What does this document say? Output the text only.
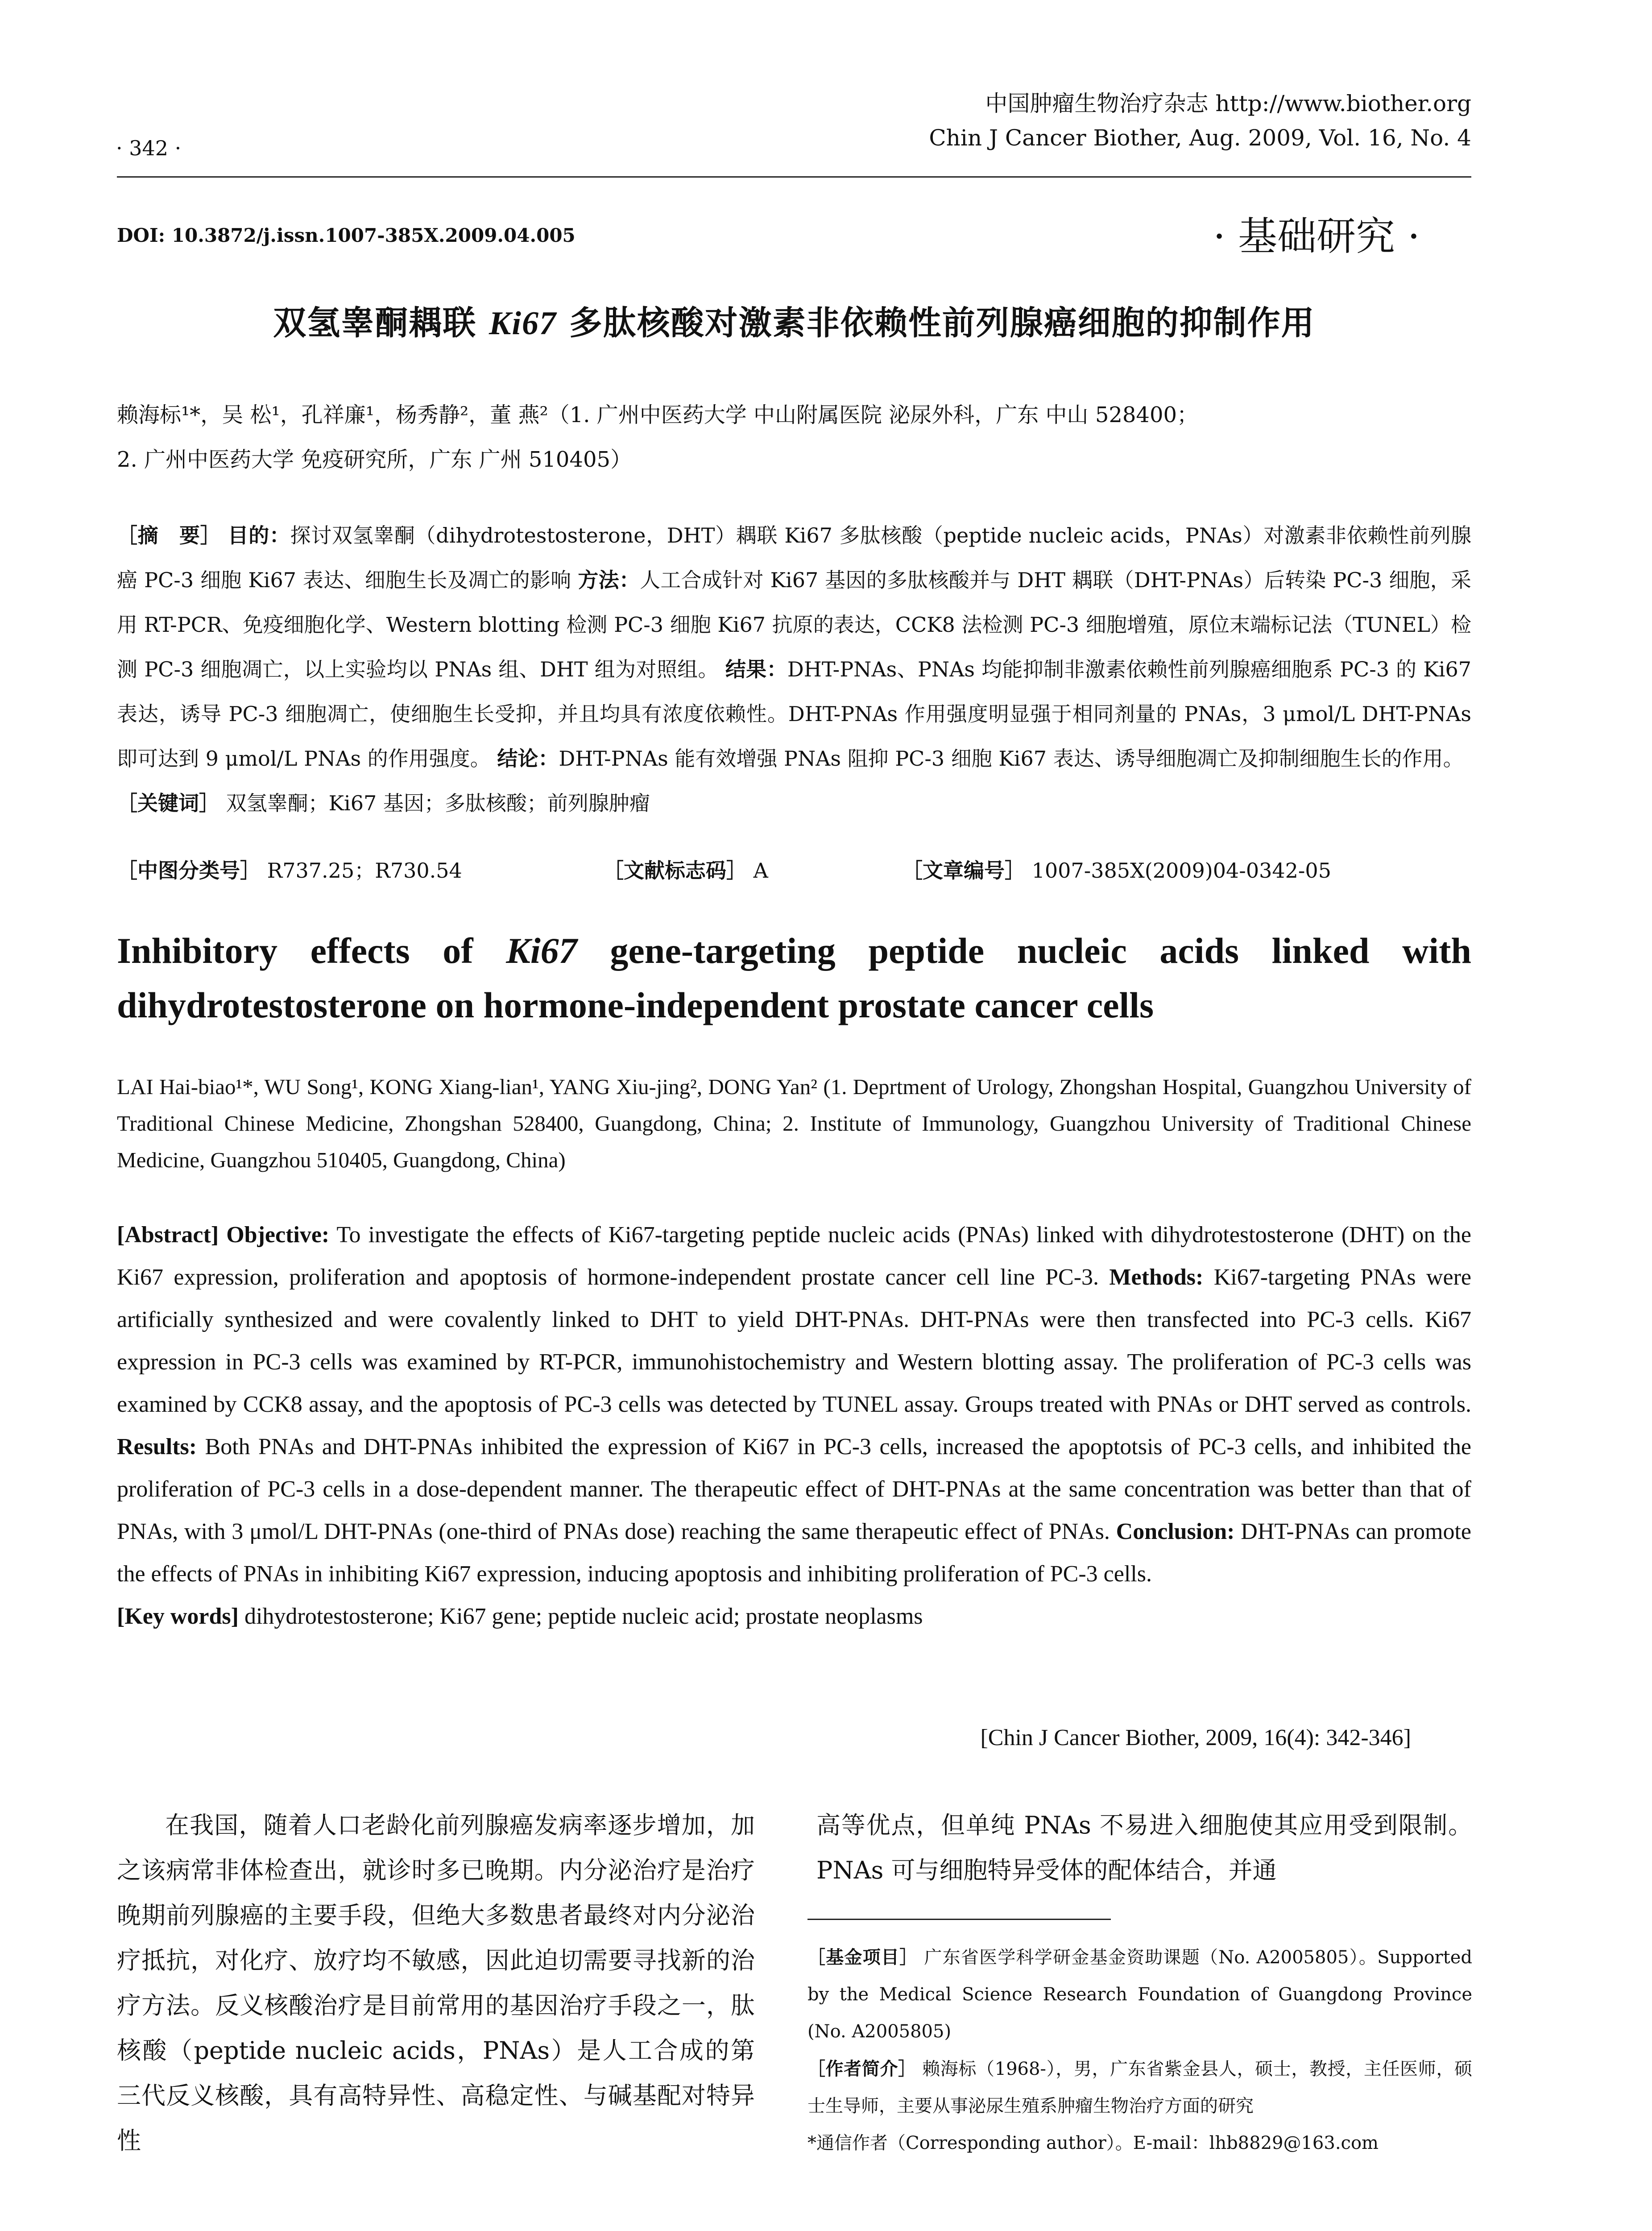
· 342 ·
中国肿瘤生物治疗杂志 http://www.biother.org
Chin J Cancer Biother, Aug. 2009, Vol. 16, No. 4
DOI: 10.3872/j.issn.1007-385X.2009.04.005	· 基础研究 ·
双氢睾酮耦联 Ki67 多肽核酸对激素非依赖性前列腺癌细胞的抑制作用
赖海标¹*，吴 松¹，孔祥廉¹，杨秀静²，董 燕²（1. 广州中医药大学 中山附属医院 泌尿外科，广东 中山 528400；
2. 广州中医药大学 免疫研究所，广东 广州 510405）
［摘　要］ 目的：探讨双氢睾酮（dihydrotestosterone，DHT）耦联 Ki67 多肽核酸（peptide nucleic acids，PNAs）对激素非依赖性前列腺癌 PC-3 细胞 Ki67 表达、细胞生长及凋亡的影响 方法：人工合成针对 Ki67 基因的多肽核酸并与 DHT 耦联（DHT-PNAs）后转染 PC-3 细胞，采用 RT-PCR、免疫细胞化学、Western blotting 检测 PC-3 细胞 Ki67 抗原的表达，CCK8 法检测 PC-3 细胞增殖，原位末端标记法（TUNEL）检测 PC-3 细胞凋亡，以上实验均以 PNAs 组、DHT 组为对照组。 结果：DHT-PNAs、PNAs 均能抑制非激素依赖性前列腺癌细胞系 PC-3 的 Ki67 表达，诱导 PC-3 细胞凋亡，使细胞生长受抑，并且均具有浓度依赖性。DHT-PNAs 作用强度明显强于相同剂量的 PNAs，3 μmol/L DHT-PNAs 即可达到 9 μmol/L PNAs 的作用强度。 结论：DHT-PNAs 能有效增强 PNAs 阻抑 PC-3 细胞 Ki67 表达、诱导细胞凋亡及抑制细胞生长的作用。
［关键词］ 双氢睾酮；Ki67 基因；多肽核酸；前列腺肿瘤
［中图分类号］ R737.25；R730.54	［文献标志码］ A	［文章编号］ 1007-385X(2009)04-0342-05
Inhibitory effects of Ki67 gene-targeting peptide nucleic acids linked with dihydrotestosterone on hormone-independent prostate cancer cells
LAI Hai-biao¹*, WU Song¹, KONG Xiang-lian¹, YANG Xiu-jing², DONG Yan² (1. Deprtment of Urology, Zhongshan Hospital, Guangzhou University of Traditional Chinese Medicine, Zhongshan 528400, Guangdong, China; 2. Institute of Immunology, Guangzhou University of Traditional Chinese Medicine, Guangzhou 510405, Guangdong, China)
[Abstract] Objective: To investigate the effects of Ki67-targeting peptide nucleic acids (PNAs) linked with dihydrotestosterone (DHT) on the Ki67 expression, proliferation and apoptosis of hormone-independent prostate cancer cell line PC-3. Methods: Ki67-targeting PNAs were artificially synthesized and were covalently linked to DHT to yield DHT-PNAs. DHT-PNAs were then transfected into PC-3 cells. Ki67 expression in PC-3 cells was examined by RT-PCR, immunohistochemistry and Western blotting assay. The proliferation of PC-3 cells was examined by CCK8 assay, and the apoptosis of PC-3 cells was detected by TUNEL assay. Groups treated with PNAs or DHT served as controls. Results: Both PNAs and DHT-PNAs inhibited the expression of Ki67 in PC-3 cells, increased the apoptotsis of PC-3 cells, and inhibited the proliferation of PC-3 cells in a dose-dependent manner. The therapeutic effect of DHT-PNAs at the same concentration was better than that of PNAs, with 3 μmol/L DHT-PNAs (one-third of PNAs dose) reaching the same therapeutic effect of PNAs. Conclusion: DHT-PNAs can promote the effects of PNAs in inhibiting Ki67 expression, inducing apoptosis and inhibiting proliferation of PC-3 cells.
[Key words] dihydrotestosterone; Ki67 gene; peptide nucleic acid; prostate neoplasms
[Chin J Cancer Biother, 2009, 16(4): 342-346]
在我国，随着人口老龄化前列腺癌发病率逐步增加，加之该病常非体检查出，就诊时多已晚期。内分泌治疗是治疗晚期前列腺癌的主要手段，但绝大多数患者最终对内分泌治疗抵抗，对化疗、放疗均不敏感，因此迫切需要寻找新的治疗方法。反义核酸治疗是目前常用的基因治疗手段之一，肽核酸（peptide nucleic acids，PNAs）是人工合成的第三代反义核酸，具有高特异性、高稳定性、与碱基配对特异性
高等优点，但单纯 PNAs 不易进入细胞使其应用受到限制。PNAs 可与细胞特异受体的配体结合，并通
［基金项目］ 广东省医学科学研金基金资助课题（No. A2005805）。Supported by the Medical Science Research Foundation of Guangdong Province (No. A2005805)
［作者简介］ 赖海标（1968-），男，广东省紫金县人，硕士，教授，主任医师，硕士生导师，主要从事泌尿生殖系肿瘤生物治疗方面的研究
*通信作者（Corresponding author）。E-mail：lhb8829@163.com
